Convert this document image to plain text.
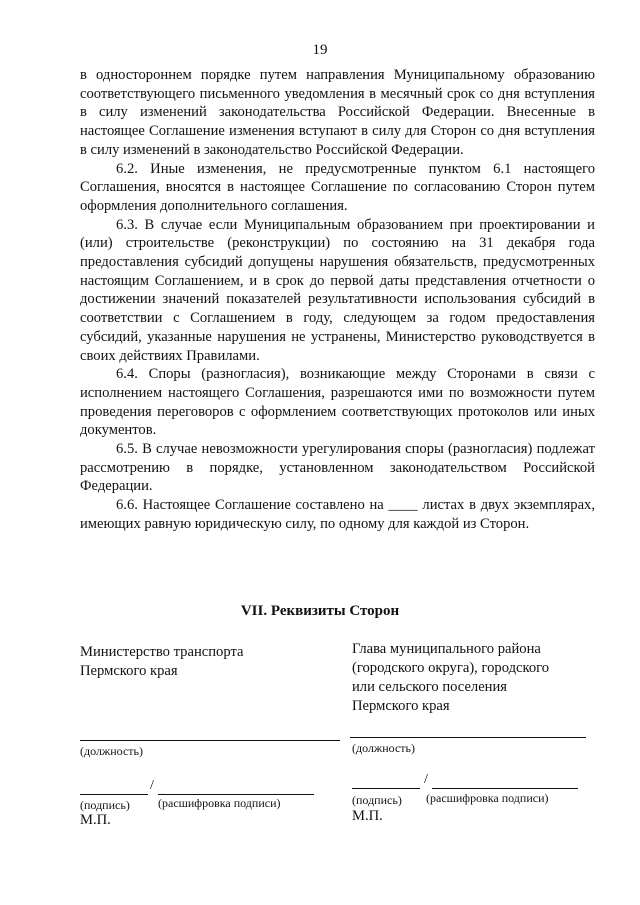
19

в одностороннем порядке путем направления Муниципальному образованию соответствующего письменного уведомления в месячный срок со дня вступления в силу изменений законодательства Российской Федерации. Внесенные в настоящее Соглашение изменения вступают в силу для Сторон со дня вступления в силу изменений в законодательство Российской Федерации.

6.2. Иные изменения, не предусмотренные пунктом 6.1 настоящего Соглашения, вносятся в настоящее Соглашение по согласованию Сторон путем оформления дополнительного соглашения.

6.3. В случае если Муниципальным образованием при проектировании и (или) строительстве (реконструкции) по состоянию на 31 декабря года предоставления субсидий допущены нарушения обязательств, предусмотренных настоящим Соглашением, и в срок до первой даты представления отчетности о достижении значений показателей результативности использования субсидий в соответствии с Соглашением в году, следующем за годом предоставления субсидий, указанные нарушения не устранены, Министерство руководствуется в своих действиях Правилами.

6.4. Споры (разногласия), возникающие между Сторонами в связи с исполнением настоящего Соглашения, разрешаются ими по возможности путем проведения переговоров с оформлением соответствующих протоколов или иных документов.

6.5. В случае невозможности урегулирования споры (разногласия) подлежат рассмотрению в порядке, установленном законодательством Российской Федерации.

6.6. Настоящее Соглашение составлено на ____ листах в двух экземплярах, имеющих равную юридическую силу, по одному для каждой из Сторон.

VII. Реквизиты Сторон
Министерство транспорта
Пермского края
(должность)
/
(подпись) (расшифровка подписи)
М.П.
Глава муниципального района
(городского округа), городского
или сельского поселения
Пермского края
(должность)
/
(подпись) (расшифровка подписи)
М.П.
